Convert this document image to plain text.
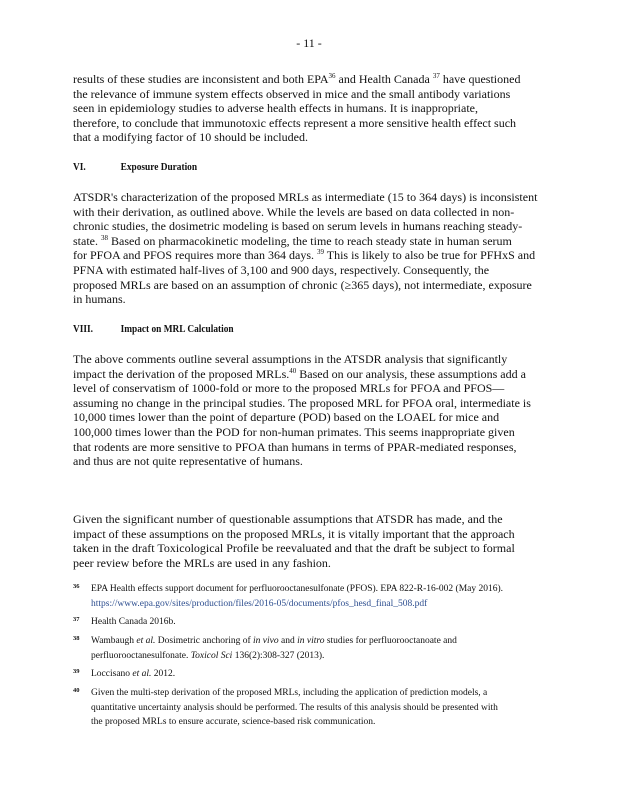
- 11 -
results of these studies are inconsistent and both EPA$^{36}$ and Health Canada $^{37}$ have questioned
the relevance of immune system effects observed in mice and the small antibody variations
seen in epidemiology studies to adverse health effects in humans. It is inappropriate,
therefore, to conclude that immunotoxic effects represent a more sensitive health effect such
that a modifying factor of 10 should be included.
VI.	Exposure Duration
ATSDR's characterization of the proposed MRLs as intermediate (15 to 364 days) is inconsistent
with their derivation, as outlined above. While the levels are based on data collected in non-
chronic studies, the dosimetric modeling is based on serum levels in humans reaching steady-
state. $^{38}$ Based on pharmacokinetic modeling, the time to reach steady state in human serum
for PFOA and PFOS requires more than 364 days. $^{39}$ This is likely to also be true for PFHxS and
PFNA with estimated half-lives of 3,100 and 900 days, respectively. Consequently, the
proposed MRLs are based on an assumption of chronic (≥365 days), not intermediate, exposure
in humans.
VIII.	Impact on MRL Calculation
The above comments outline several assumptions in the ATSDR analysis that significantly
impact the derivation of the proposed MRLs.$^{40}$ Based on our analysis, these assumptions add a
level of conservatism of 1000-fold or more to the proposed MRLs for PFOA and PFOS—
assuming no change in the principal studies. The proposed MRL for PFOA oral, intermediate is
10,000 times lower than the point of departure (POD) based on the LOAEL for mice and
100,000 times lower than the POD for non-human primates. This seems inappropriate given
that rodents are more sensitive to PFOA than humans in terms of PPAR-mediated responses,
and thus are not quite representative of humans.
Given the significant number of questionable assumptions that ATSDR has made, and the
impact of these assumptions on the proposed MRLs, it is vitally important that the approach
taken in the draft Toxicological Profile be reevaluated and that the draft be subject to formal
peer review before the MRLs are used in any fashion.
36 EPA Health effects support document for perfluorooctanesulfonate (PFOS). EPA 822-R-16-002 (May 2016).
https://www.epa.gov/sites/production/files/2016-05/documents/pfos_hesd_final_508.pdf
37 Health Canada 2016b.
38 Wambaugh et al. Dosimetric anchoring of in vivo and in vitro studies for perfluorooctanoate and
perfluorooctanesulfonate. Toxicol Sci 136(2):308-327 (2013).
39 Loccisano et al. 2012.
40 Given the multi-step derivation of the proposed MRLs, including the application of prediction models, a
quantitative uncertainty analysis should be performed. The results of this analysis should be presented with
the proposed MRLs to ensure accurate, science-based risk communication.
